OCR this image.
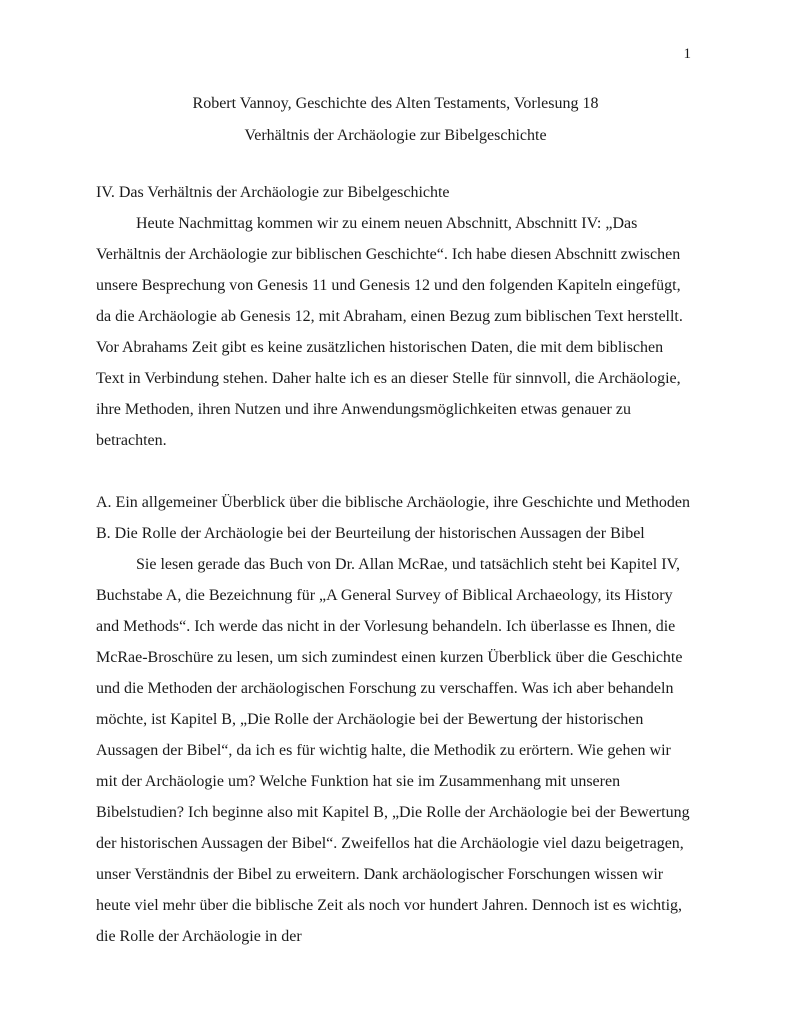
1
Robert Vannoy, Geschichte des Alten Testaments, Vorlesung 18
Verhältnis der Archäologie zur Bibelgeschichte

IV. Das Verhältnis der Archäologie zur Bibelgeschichte

Heute Nachmittag kommen wir zu einem neuen Abschnitt, Abschnitt IV: „Das Verhältnis der Archäologie zur biblischen Geschichte“. Ich habe diesen Abschnitt zwischen unsere Besprechung von Genesis 11 und Genesis 12 und den folgenden Kapiteln eingefügt, da die Archäologie ab Genesis 12, mit Abraham, einen Bezug zum biblischen Text herstellt. Vor Abrahams Zeit gibt es keine zusätzlichen historischen Daten, die mit dem biblischen Text in Verbindung stehen. Daher halte ich es an dieser Stelle für sinnvoll, die Archäologie, ihre Methoden, ihren Nutzen und ihre Anwendungsmöglichkeiten etwas genauer zu betrachten.

A. Ein allgemeiner Überblick über die biblische Archäologie, ihre Geschichte und Methoden

B. Die Rolle der Archäologie bei der Beurteilung der historischen Aussagen der Bibel

Sie lesen gerade das Buch von Dr. Allan McRae, und tatsächlich steht bei Kapitel IV, Buchstabe A, die Bezeichnung für „A General Survey of Biblical Archaeology, its History and Methods“. Ich werde das nicht in der Vorlesung behandeln. Ich überlasse es Ihnen, die McRae-Broschüre zu lesen, um sich zumindest einen kurzen Überblick über die Geschichte und die Methoden der archäologischen Forschung zu verschaffen. Was ich aber behandeln möchte, ist Kapitel B, „Die Rolle der Archäologie bei der Bewertung der historischen Aussagen der Bibel“, da ich es für wichtig halte, die Methodik zu erörtern. Wie gehen wir mit der Archäologie um? Welche Funktion hat sie im Zusammenhang mit unseren Bibelstudien? Ich beginne also mit Kapitel B, „Die Rolle der Archäologie bei der Bewertung der historischen Aussagen der Bibel“. Zweifellos hat die Archäologie viel dazu beigetragen, unser Verständnis der Bibel zu erweitern. Dank archäologischer Forschungen wissen wir heute viel mehr über die biblische Zeit als noch vor hundert Jahren. Dennoch ist es wichtig, die Rolle der Archäologie in der
